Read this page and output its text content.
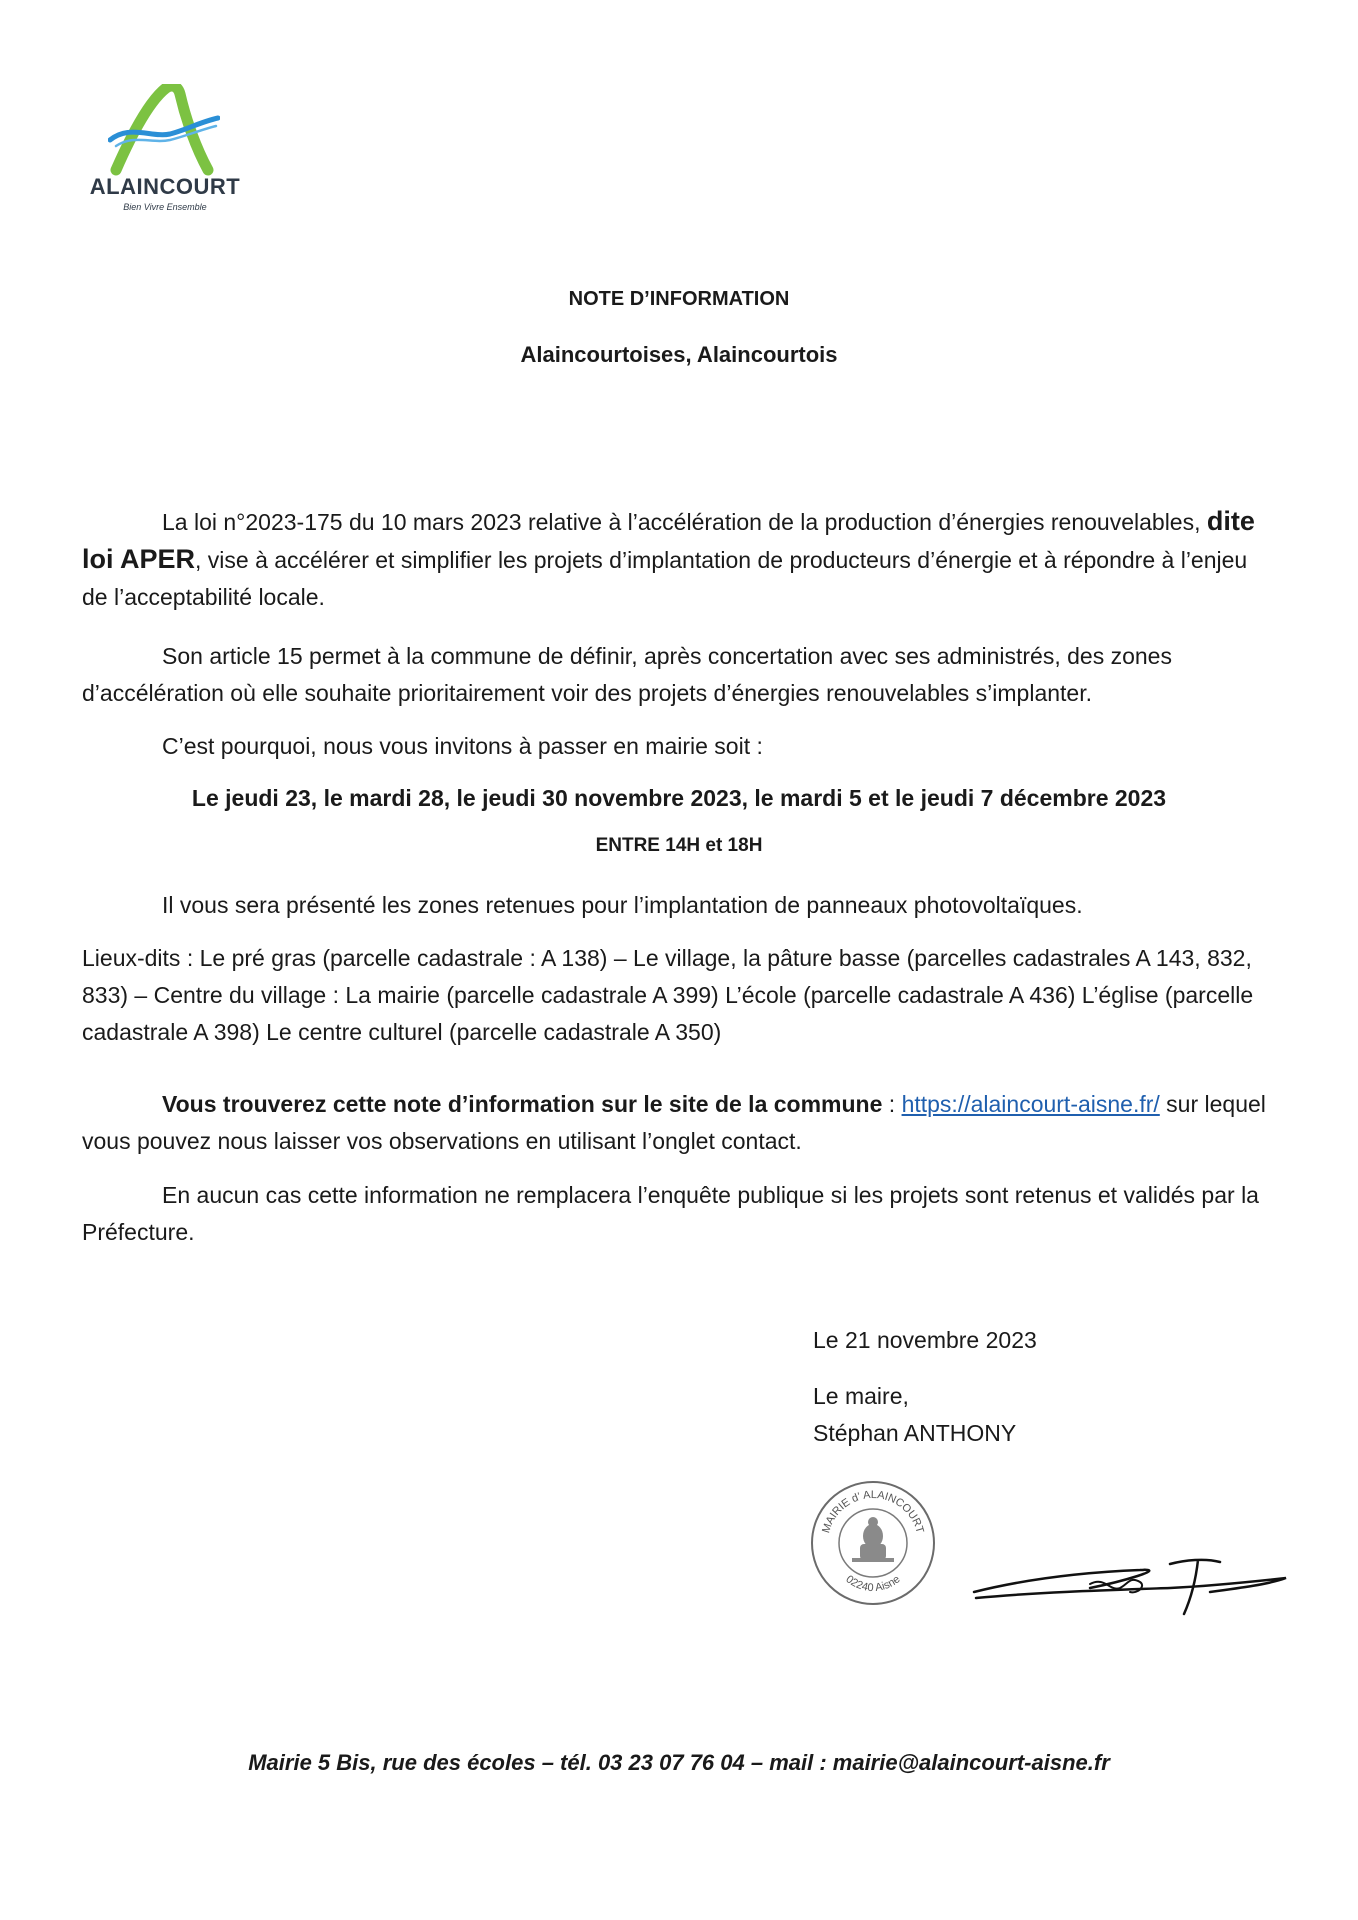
ALAINCOURT
Bien Vivre Ensemble
NOTE D’INFORMATION
Alaincourtoises, Alaincourtois

La loi n°2023-175 du 10 mars 2023 relative à l’accélération de la production d’énergies renouvelables, dite loi APER, vise à accélérer et simplifier les projets d’implantation de producteurs d’énergie et à répondre à l’enjeu de l’acceptabilité locale.

Son article 15 permet à la commune de définir, après concertation avec ses administrés, des zones d’accélération où elle souhaite prioritairement voir des projets d’énergies renouvelables s’implanter.

C’est pourquoi, nous vous invitons à passer en mairie soit :

Le jeudi 23, le mardi 28, le jeudi 30 novembre 2023, le mardi 5 et le jeudi 7 décembre 2023
ENTRE 14H et 18H

Il vous sera présenté les zones retenues pour l’implantation de panneaux photovoltaïques.

Lieux-dits : Le pré gras (parcelle cadastrale : A 138) – Le village, la pâture basse (parcelles cadastrales A 143, 832, 833) – Centre du village : La mairie (parcelle cadastrale A 399) L’école (parcelle cadastrale A 436) L’église (parcelle cadastrale A 398) Le centre culturel (parcelle cadastrale A 350)

Vous trouverez cette note d’information sur le site de la commune : https://alaincourt-aisne.fr/ sur lequel vous pouvez nous laisser vos observations en utilisant l’onglet contact.

En aucun cas cette information ne remplacera l’enquête publique si les projets sont retenus et validés par la Préfecture.

Le 21 novembre 2023
Le maire,
Stéphan ANTHONY
MAIRIE d’ ALAINCOURT
02240 Aisne
Mairie 5 Bis, rue des écoles – tél. 03 23 07 76 04 – mail : mairie@alaincourt-aisne.fr
